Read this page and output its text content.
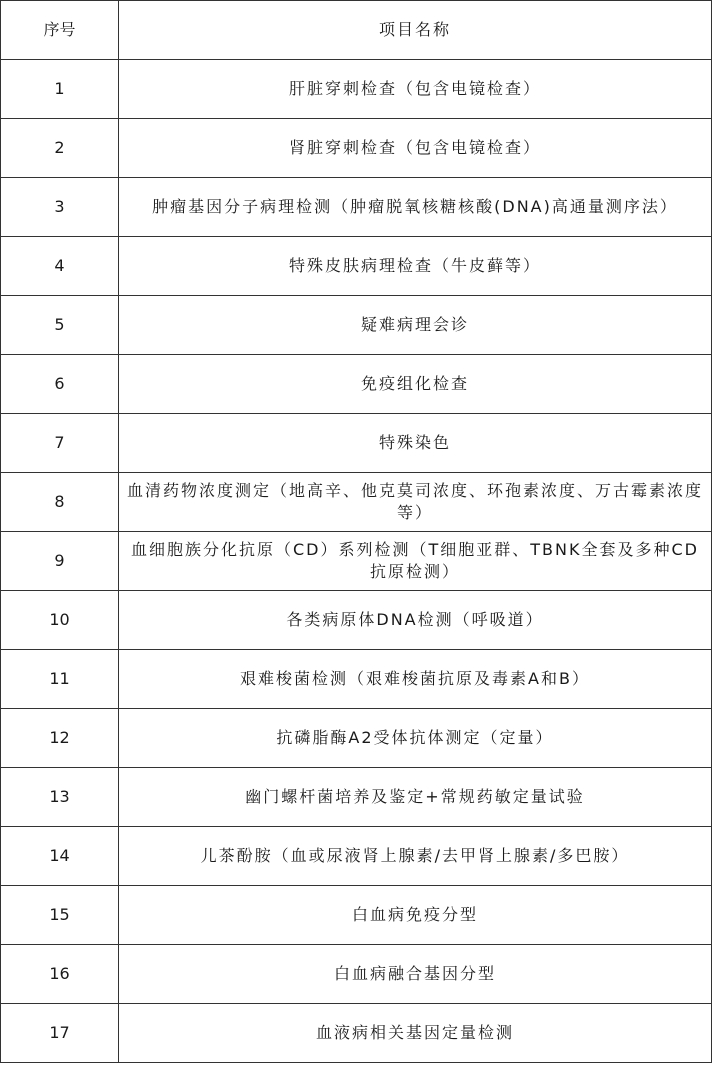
序号	项目名称
1	肝脏穿刺检查（包含电镜检查）
2	肾脏穿刺检查（包含电镜检查）
3	肿瘤基因分子病理检测（肿瘤脱氧核糖核酸(DNA)高通量测序法）
4	特殊皮肤病理检查（牛皮藓等）
5	疑难病理会诊
6	免疫组化检查
7	特殊染色
8	血清药物浓度测定（地高辛、他克莫司浓度、环孢素浓度、万古霉素浓度等）
9	血细胞族分化抗原（CD）系列检测（T细胞亚群、TBNK全套及多种CD抗原检测）
10	各类病原体DNA检测（呼吸道）
11	艰难梭菌检测（艰难梭菌抗原及毒素A和B）
12	抗磷脂酶A2受体抗体测定（定量）
13	幽门螺杆菌培养及鉴定+常规药敏定量试验
14	儿茶酚胺（血或尿液肾上腺素/去甲肾上腺素/多巴胺）
15	白血病免疫分型
16	白血病融合基因分型
17	血液病相关基因定量检测
